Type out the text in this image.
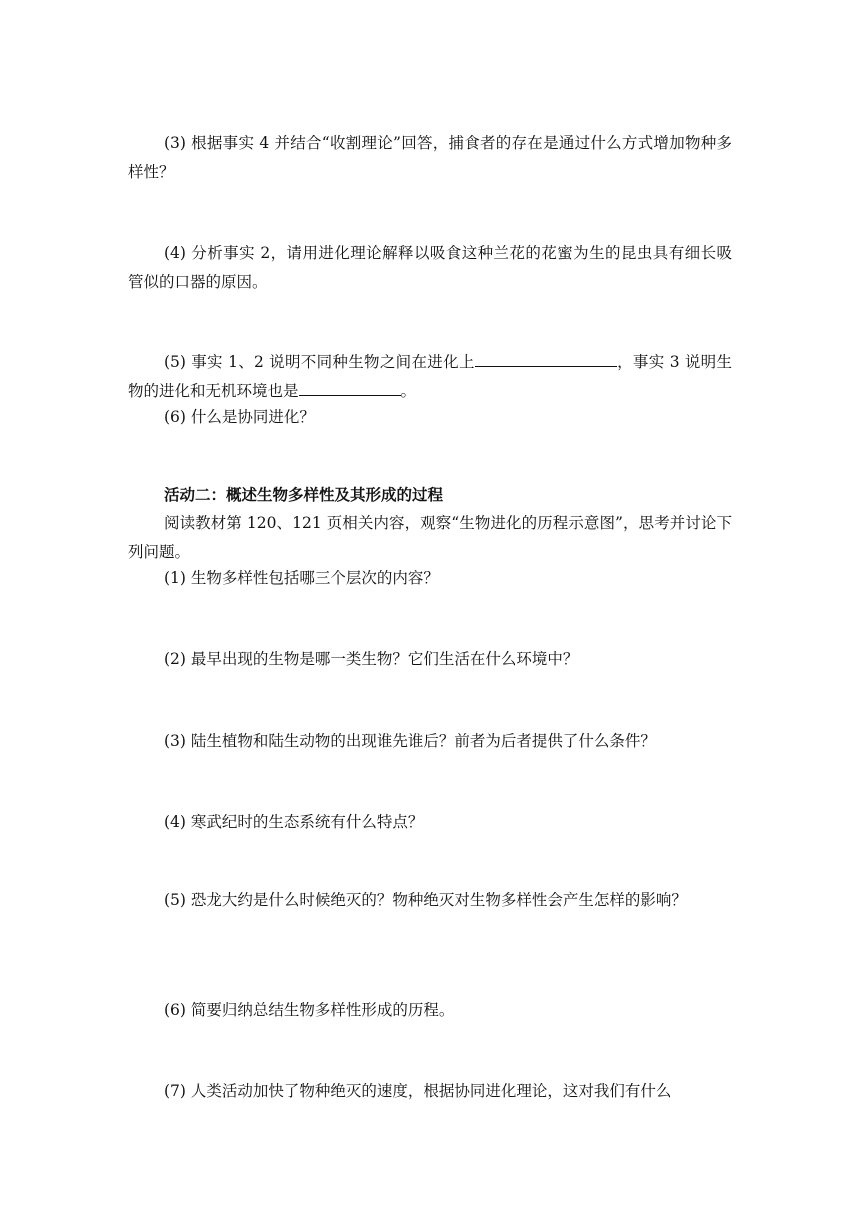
(3) 根据事实 4 并结合“收割理论”回答，捕食者的存在是通过什么方式增加物种多样性？

(4) 分析事实 2，请用进化理论解释以吸食这种兰花的花蜜为生的昆虫具有细长吸管似的口器的原因。

(5) 事实 1、2 说明不同种生物之间在进化上	，事实 3 说明生物的进化和无机环境也是	。

(6) 什么是协同进化？

活动二：概述生物多样性及其形成的过程

阅读教材第 120、121 页相关内容，观察“生物进化的历程示意图”，思考并讨论下列问题。

(1) 生物多样性包括哪三个层次的内容？

(2) 最早出现的生物是哪一类生物？它们生活在什么环境中？

(3) 陆生植物和陆生动物的出现谁先谁后？前者为后者提供了什么条件？

(4) 寒武纪时的生态系统有什么特点？

(5) 恐龙大约是什么时候绝灭的？物种绝灭对生物多样性会产生怎样的影响？

(6) 简要归纳总结生物多样性形成的历程。

(7) 人类活动加快了物种绝灭的速度，根据协同进化理论，这对我们有什么
